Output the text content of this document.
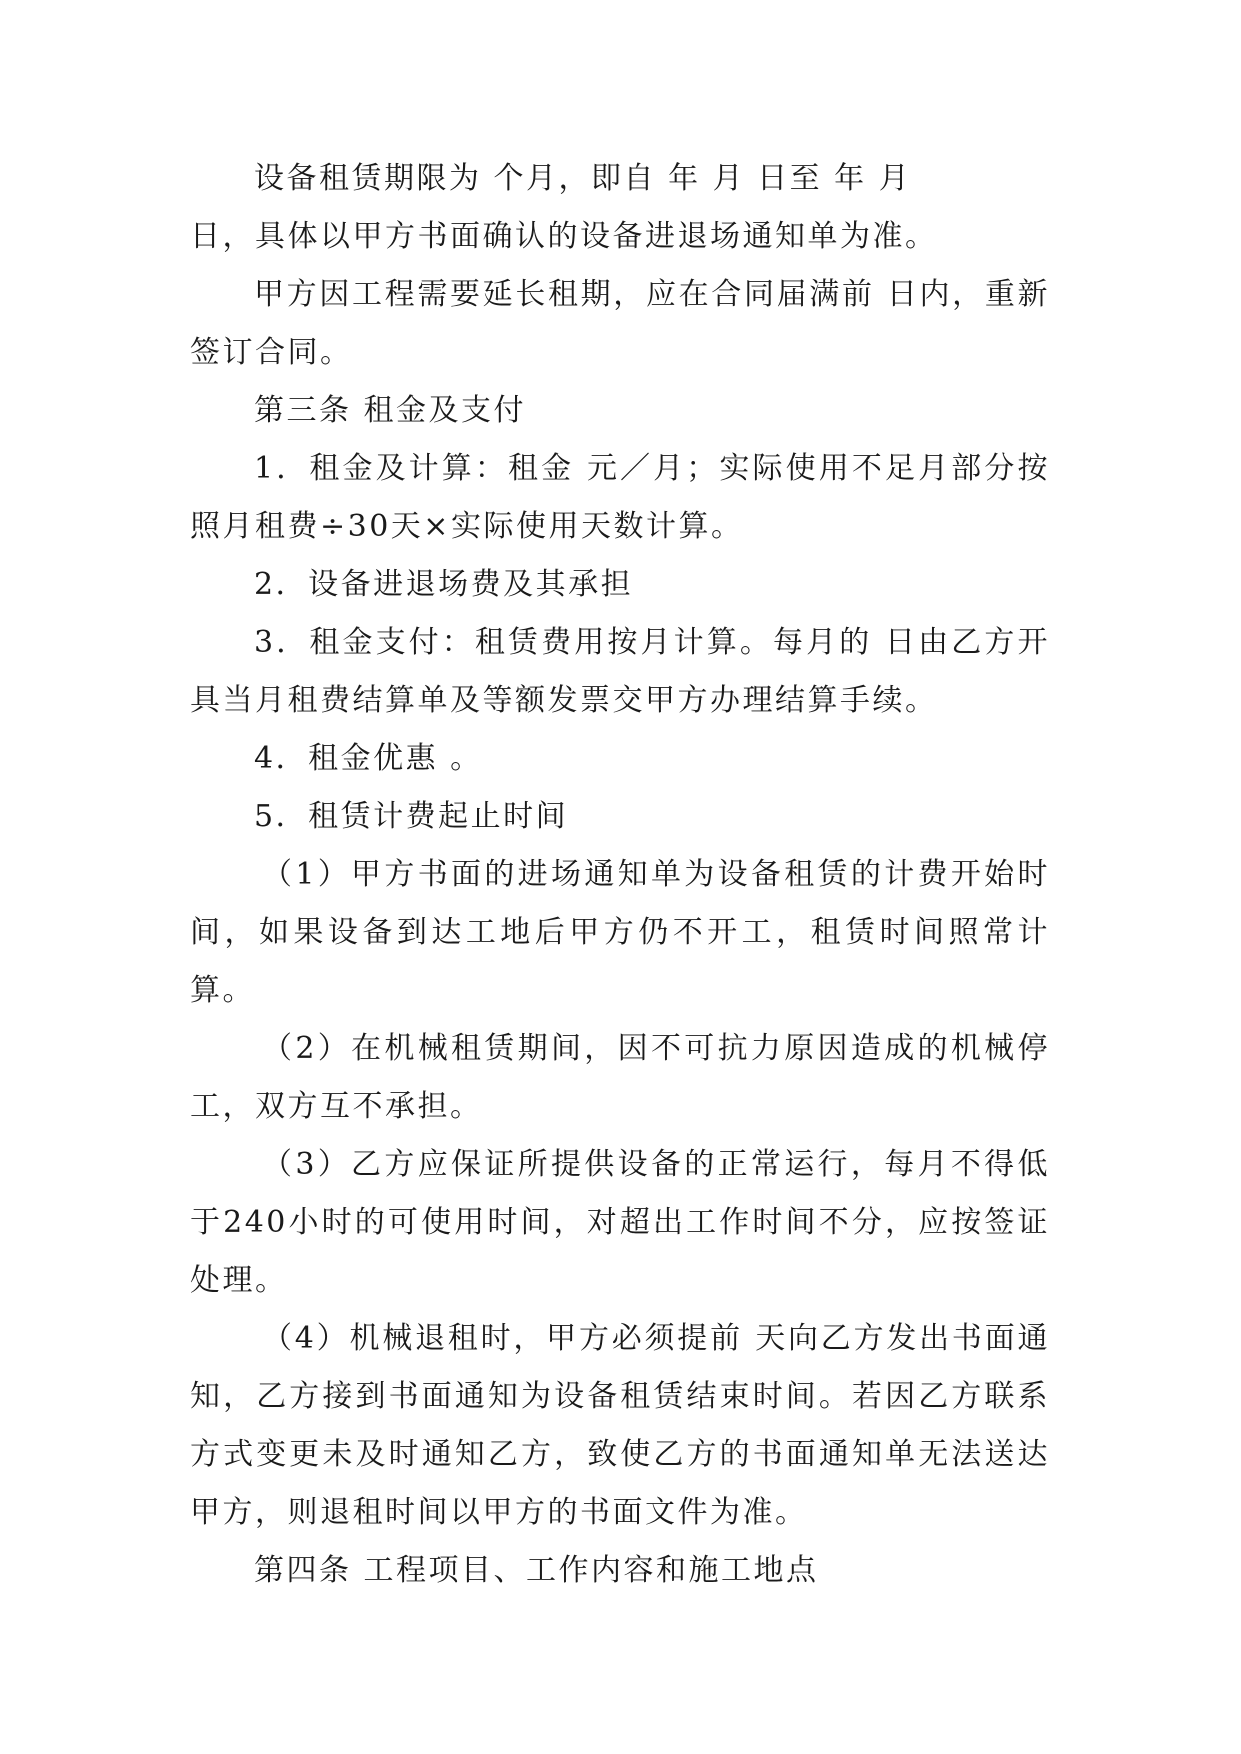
设备租赁期限为 个月，即自 年 月 日至 年 月

日，具体以甲方书面确认的设备进退场通知单为准。

甲方因工程需要延长租期，应在合同届满前 日内，重新签订合同。

第三条 租金及支付

1．租金及计算：租金 元／月；实际使用不足月部分按照月租费÷30天×实际使用天数计算。

2．设备进退场费及其承担

3．租金支付：租赁费用按月计算。每月的 日由乙方开具当月租费结算单及等额发票交甲方办理结算手续。

4．租金优惠 。

5．租赁计费起止时间

（1）甲方书面的进场通知单为设备租赁的计费开始时间，如果设备到达工地后甲方仍不开工，租赁时间照常计算。

（2）在机械租赁期间，因不可抗力原因造成的机械停工，双方互不承担。

（3）乙方应保证所提供设备的正常运行，每月不得低于240小时的可使用时间，对超出工作时间不分，应按签证处理。

（4）机械退租时，甲方必须提前 天向乙方发出书面通知，乙方接到书面通知为设备租赁结束时间。若因乙方联系方式变更未及时通知乙方，致使乙方的书面通知单无法送达甲方，则退租时间以甲方的书面文件为准。

第四条 工程项目、工作内容和施工地点
